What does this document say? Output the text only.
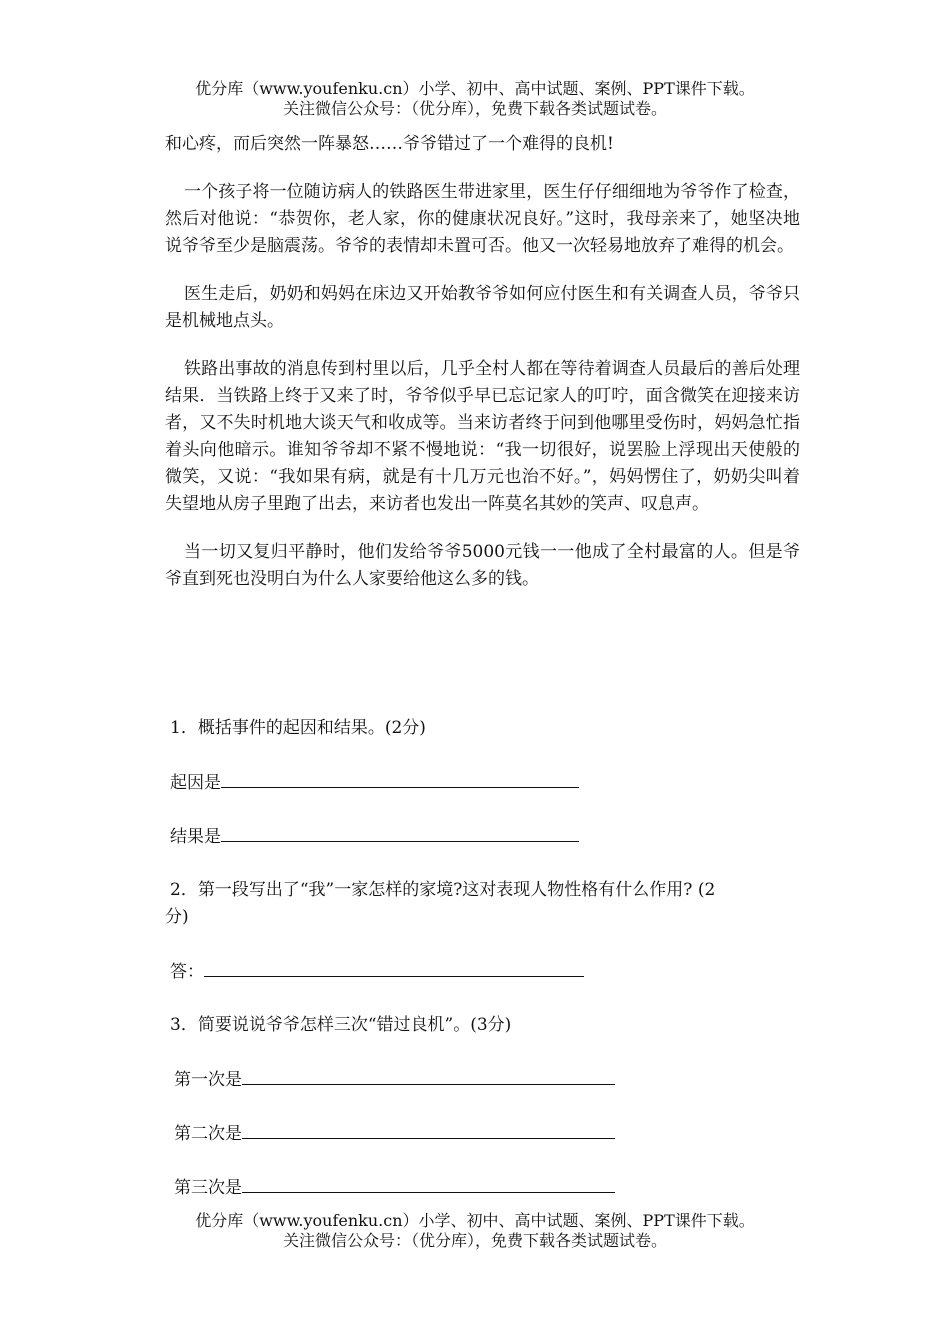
优分库（www.youfenku.cn）小学、初中、高中试题、案例、PPT课件下载。
关注微信公众号：（优分库），免费下载各类试题试卷。

和心疼，而后突然一阵暴怒……爷爷错过了一个难得的良机!

一个孩子将一位随访病人的铁路医生带进家里，医生仔仔细细地为爷爷作了检查，然后对他说：“恭贺你，老人家，你的健康状况良好。”这时，我母亲来了，她坚决地说爷爷至少是脑震荡。爷爷的表情却未置可否。他又一次轻易地放弃了难得的机会。

医生走后，奶奶和妈妈在床边又开始教爷爷如何应付医生和有关调查人员，爷爷只是机械地点头。

铁路出事故的消息传到村里以后，几乎全村人都在等待着调查人员最后的善后处理结果．当铁路上终于又来了时，爷爷似乎早已忘记家人的叮咛，面含微笑在迎接来访者，又不失时机地大谈天气和收成等。当来访者终于问到他哪里受伤时，妈妈急忙指着头向他暗示。谁知爷爷却不紧不慢地说：“我一切很好，说罢脸上浮现出天使般的微笑，又说：“我如果有病，就是有十几万元也治不好。”，妈妈愣住了，奶奶尖叫着失望地从房子里跑了出去，来访者也发出一阵莫名其妙的笑声、叹息声。

当一切又复归平静时，他们发给爷爷5000元钱一一他成了全村最富的人。但是爷爷直到死也没明白为什么人家要给他这么多的钱。

1．概括事件的起因和结果。(2分)
起因是
结果是
2．第一段写出了“我”一家怎样的家境?这对表现人物性格有什么作用? (2
分)
答：
3．简要说说爷爷怎样三次“错过良机”。(3分)
第一次是
第二次是
第三次是
优分库（www.youfenku.cn）小学、初中、高中试题、案例、PPT课件下载。
关注微信公众号：（优分库），免费下载各类试题试卷。
